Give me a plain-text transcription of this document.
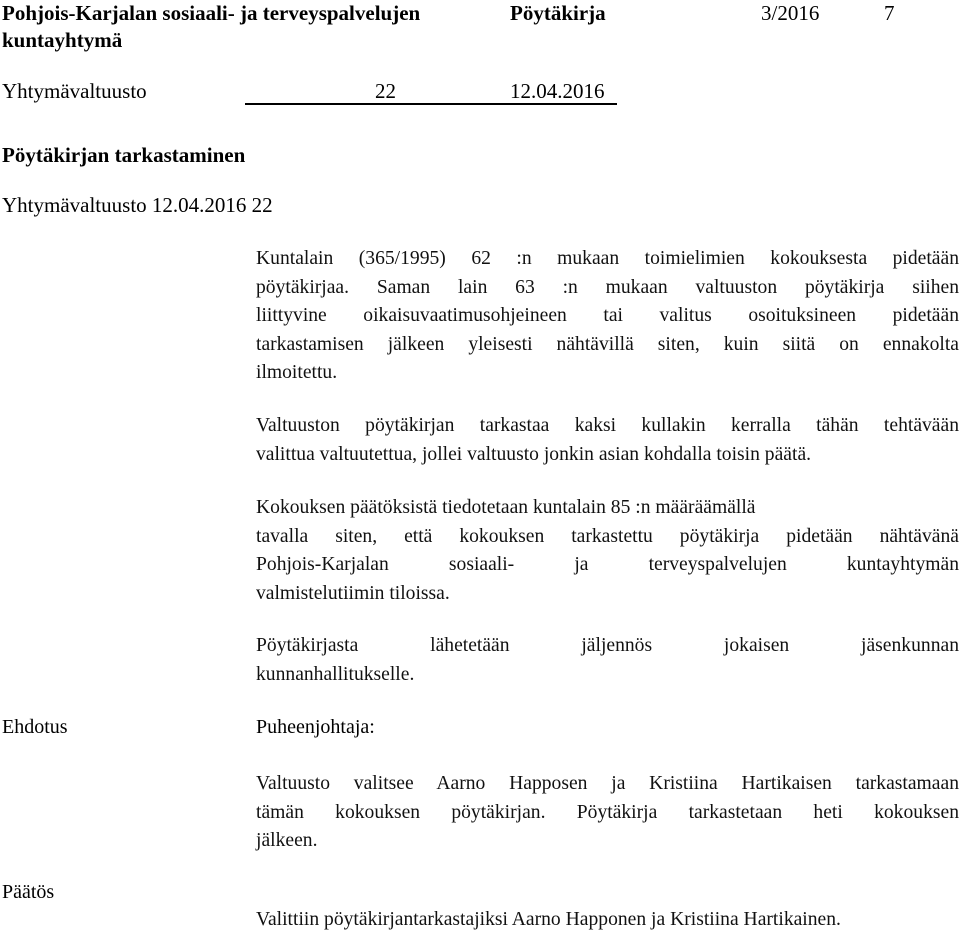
Pohjois-Karjalan sosiaali- ja terveyspalvelujen
kuntayhtymä
Pöytäkirja	3/2016	7
Yhtymävaltuusto	22	12.04.2016
Pöytäkirjan tarkastaminen
Yhtymävaltuusto 12.04.2016 22
Kuntalain (365/1995) 62 :n mukaan toimielimien kokouksesta pidetään
pöytäkirjaa. Saman lain 63 :n mukaan valtuuston pöytäkirja siihen
liittyvine oikaisuvaatimusohjeineen tai valitus osoituksineen pidetään
tarkastamisen jälkeen yleisesti nähtävillä siten, kuin siitä on ennakolta
ilmoitettu.
Valtuuston pöytäkirjan tarkastaa kaksi kullakin kerralla tähän tehtävään
valittua valtuutettua, jollei valtuusto jonkin asian kohdalla toisin päätä.
Kokouksen päätöksistä tiedotetaan kuntalain 85 :n määräämällä
tavalla siten, että kokouksen tarkastettu pöytäkirja pidetään nähtävänä
Pohjois-Karjalan sosiaali- ja terveyspalvelujen kuntayhtymän
valmistelutiimin tiloissa.
Pöytäkirjasta lähetetään jäljennös jokaisen jäsenkunnan
kunnanhallitukselle.
Ehdotus	Puheenjohtaja:
Valtuusto valitsee Aarno Happosen ja Kristiina Hartikaisen tarkastamaan
tämän kokouksen pöytäkirjan. Pöytäkirja tarkastetaan heti kokouksen
jälkeen.
Päätös
Valittiin pöytäkirjantarkastajiksi Aarno Happonen ja Kristiina Hartikainen.
